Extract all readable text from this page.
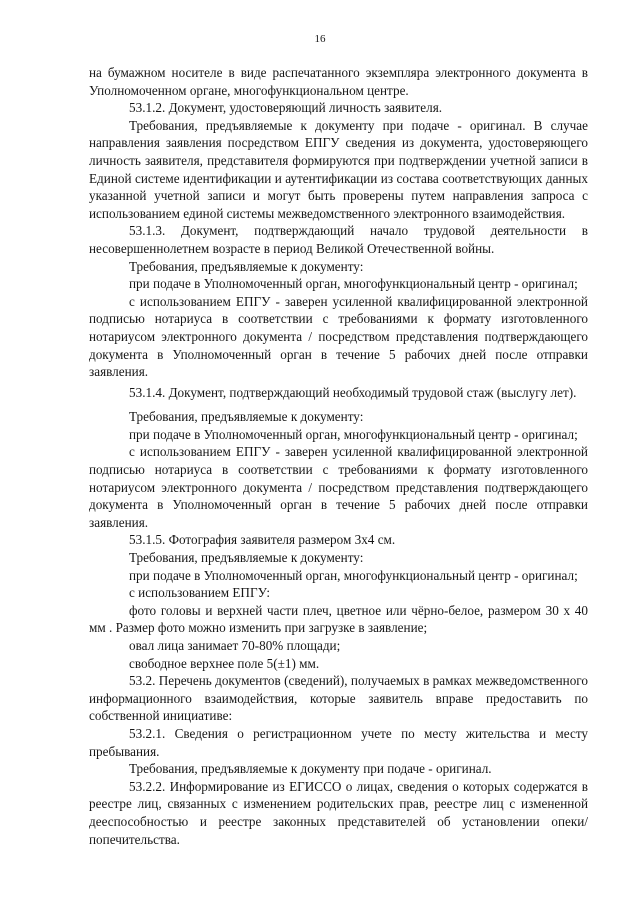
16

на бумажном носителе в виде распечатанного экземпляра электронного документа в Уполномоченном органе, многофункциональном центре.

53.1.2. Документ, удостоверяющий личность заявителя.

Требования, предъявляемые к документу при подаче - оригинал. В случае направления заявления посредством ЕПГУ сведения из документа, удостоверяющего личность заявителя, представителя формируются при подтверждении учетной записи в Единой системе идентификации и аутентификации из состава соответствующих данных указанной учетной записи и могут быть проверены путем направления запроса с использованием единой системы межведомственного электронного взаимодействия.

53.1.3. Документ, подтверждающий начало трудовой деятельности в несовершеннолетнем возрасте в период Великой Отечественной войны.

Требования, предъявляемые к документу:

при подаче в Уполномоченный орган, многофункциональный центр - оригинал;

с использованием ЕПГУ - заверен усиленной квалифицированной электронной подписью нотариуса в соответствии с требованиями к формату изготовленного нотариусом электронного документа / посредством представления подтверждающего документа в Уполномоченный орган в течение 5 рабочих дней после отправки заявления.

53.1.4. Документ, подтверждающий необходимый трудовой стаж (выслугу лет).

Требования, предъявляемые к документу:

при подаче в Уполномоченный орган, многофункциональный центр - оригинал;

с использованием ЕПГУ - заверен усиленной квалифицированной электронной подписью нотариуса в соответствии с требованиями к формату изготовленного нотариусом электронного документа / посредством представления подтверждающего документа в Уполномоченный орган в течение 5 рабочих дней после отправки заявления.

53.1.5. Фотография заявителя размером 3х4 см.

Требования, предъявляемые к документу:

при подаче в Уполномоченный орган, многофункциональный центр - оригинал;

с использованием ЕПГУ:

фото головы и верхней части плеч, цветное или чёрно-белое, размером 30 х 40 мм . Размер фото можно изменить при загрузке в заявление;

овал лица занимает 70-80% площади;

свободное верхнее поле 5(±1) мм.

53.2. Перечень документов (сведений), получаемых в рамках межведомственного информационного взаимодействия, которые заявитель вправе предоставить по собственной инициативе:

53.2.1. Сведения о регистрационном учете по месту жительства и месту пребывания.

Требования, предъявляемые к документу при подаче - оригинал.

53.2.2. Информирование из ЕГИССО о лицах, сведения о которых содержатся в реестре лиц, связанных с изменением родительских прав, реестре лиц с измененной дееспособностью и реестре законных представителей об установлении опеки/ попечительства.
